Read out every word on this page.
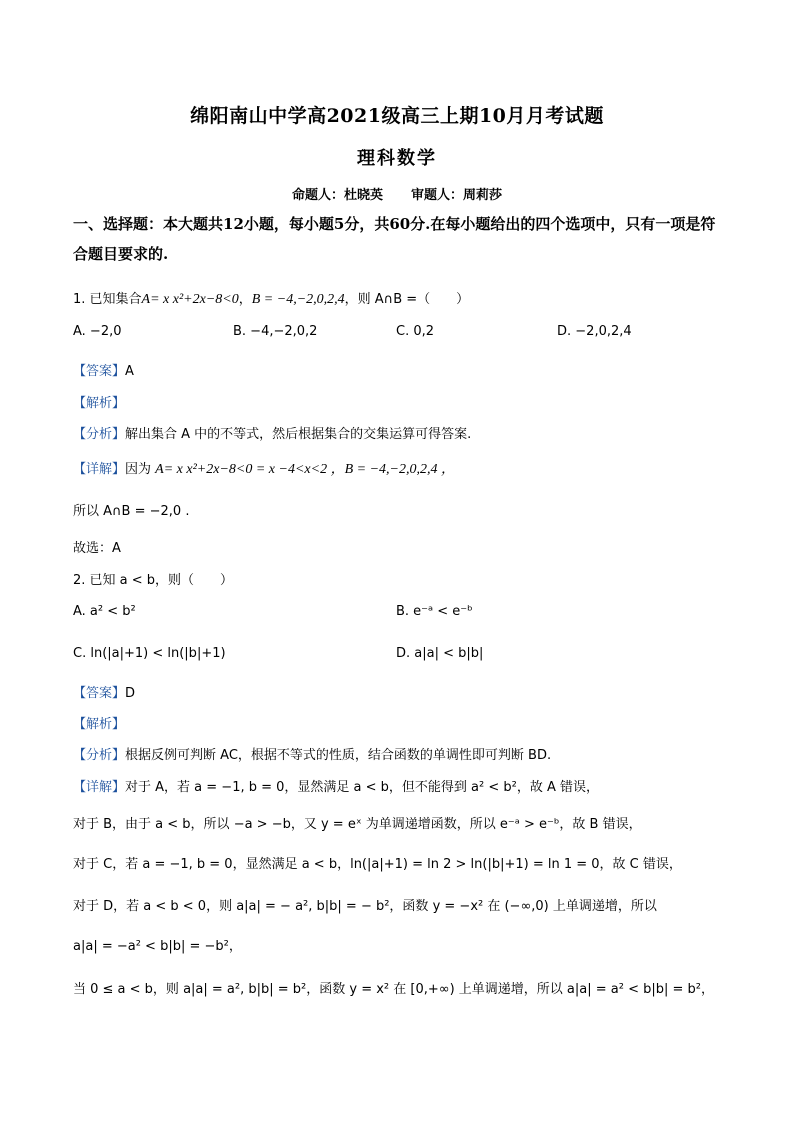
绵阳南山中学高2021级高三上期10月月考试题
理科数学
命题人：杜晓英 审题人：周莉莎
一、选择题：本大题共12小题，每小题5分，共60分.在每小题给出的四个选项中，只有一项是符合题目要求的.
1. 已知集合A= x x²+2x−8<0，B = −4,−2,0,2,4，则 A∩B =（　　）
A. −2,0	B. −4,−2,0,2	C. 0,2	D. −2,0,2,4
【答案】A
【解析】
【分析】解出集合 A 中的不等式，然后根据集合的交集运算可得答案.
【详解】因为 A= x x²+2x−8<0 = x −4<x<2 ，B = −4,−2,0,2,4 ，
所以 A∩B = −2,0 .
故选：A
2. 已知 a < b，则（　　）
A. a² < b²	B. e⁻ᵃ < e⁻ᵇ
C. ln(|a|+1) < ln(|b|+1)	D. a|a| < b|b|
【答案】D
【解析】
【分析】根据反例可判断 AC，根据不等式的性质，结合函数的单调性即可判断 BD.
【详解】对于 A，若 a = −1, b = 0，显然满足 a < b，但不能得到 a² < b²，故 A 错误，
对于 B，由于 a < b，所以 −a > −b，又 y = eˣ 为单调递增函数，所以 e⁻ᵃ > e⁻ᵇ，故 B 错误，
对于 C，若 a = −1, b = 0，显然满足 a < b，ln(|a|+1) = ln 2 > ln(|b|+1) = ln 1 = 0，故 C 错误，
对于 D，若 a < b < 0，则 a|a| = − a², b|b| = − b²，函数 y = −x² 在 (−∞,0) 上单调递增，所以
a|a| = −a² < b|b| = −b²，
当 0 ≤ a < b，则 a|a| = a², b|b| = b²，函数 y = x² 在 [0,+∞) 上单调递增，所以 a|a| = a² < b|b| = b²，
